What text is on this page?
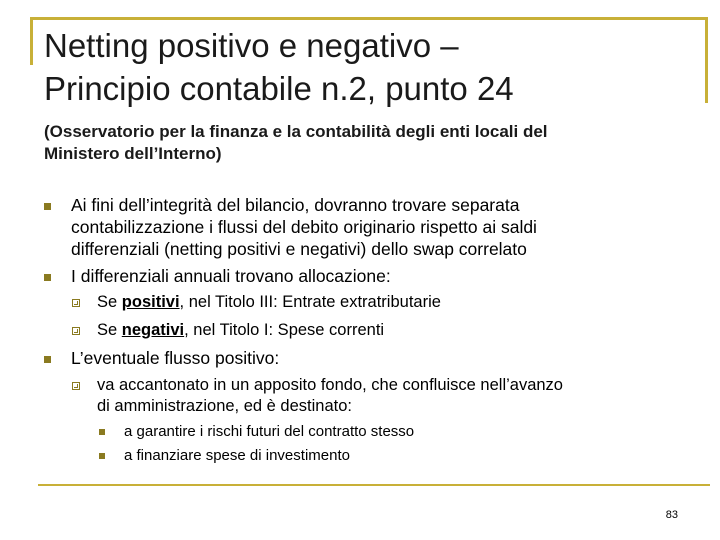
Netting positivo e negativo –
Principio contabile n.2, punto 24
(Osservatorio per la finanza e la contabilità degli enti locali del
Ministero dell’Interno)
Ai fini dell’integrità del bilancio, dovranno trovare separata
contabilizzazione i flussi del debito originario rispetto ai saldi
differenziali (netting positivi e negativi) dello swap correlato
I differenziali annuali trovano allocazione:
Se positivi, nel Titolo III: Entrate extratributarie
Se negativi, nel Titolo I: Spese correnti
L’eventuale flusso positivo:
va accantonato in un apposito fondo, che confluisce nell’avanzo
di amministrazione, ed è destinato:
a garantire i rischi futuri del contratto stesso
a finanziare spese di investimento
83
